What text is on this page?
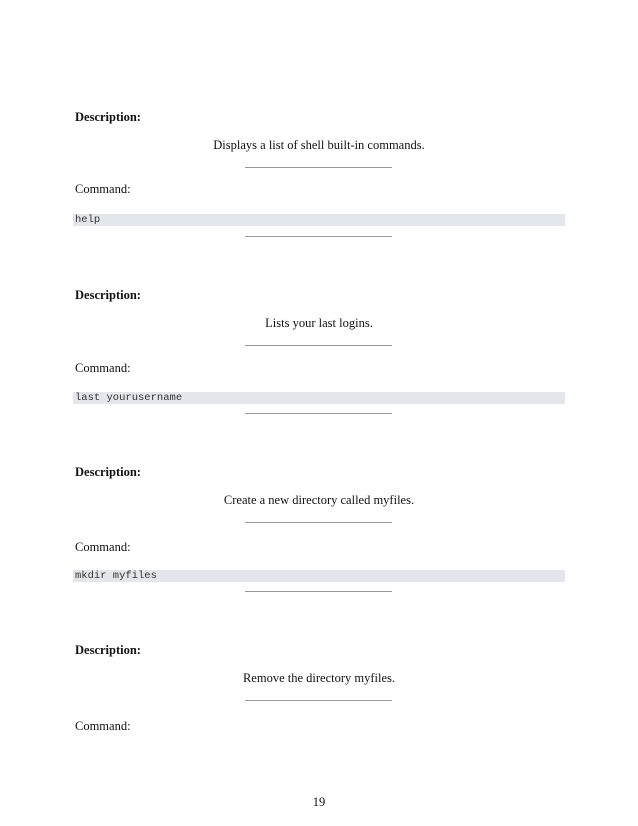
Description:
Displays a list of shell built-in commands.
Command:
help
Description:
Lists your last logins.
Command:
last yourusername
Description:
Create a new directory called myfiles.
Command:
mkdir myfiles
Description:
Remove the directory myfiles.
Command:
19
